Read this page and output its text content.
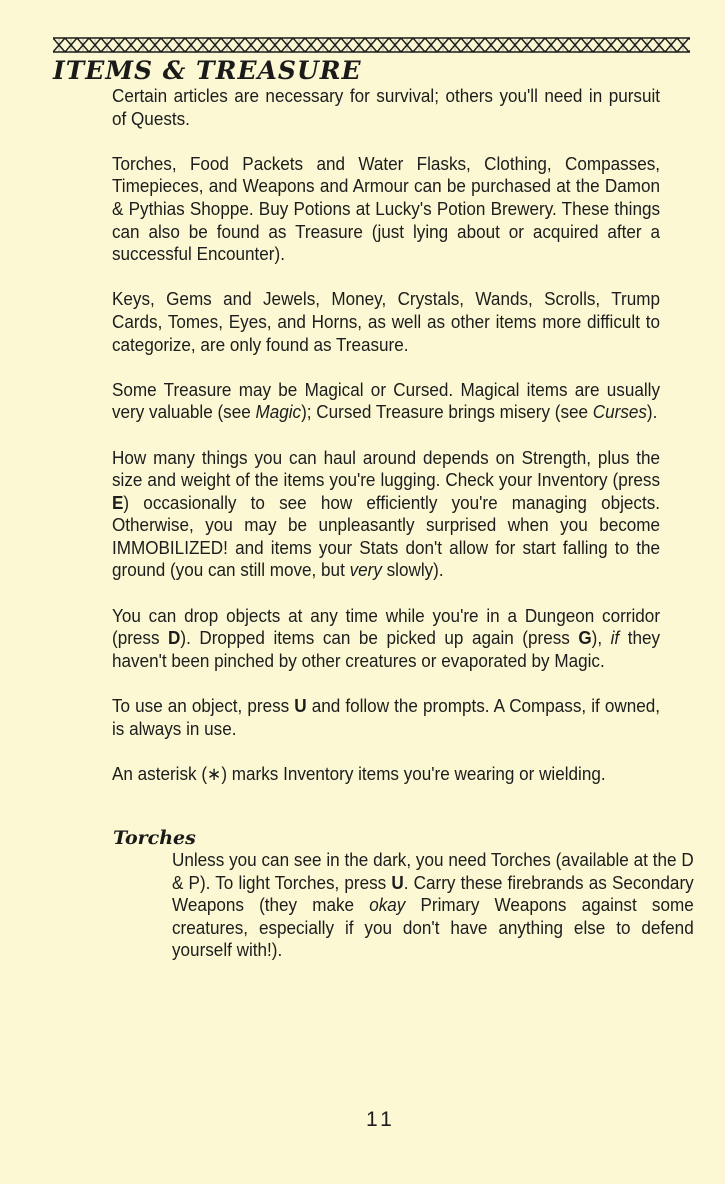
ITEMS & TREASURE

Certain articles are necessary for survival; others you'll need in pursuit of Quests.

Torches, Food Packets and Water Flasks, Clothing, Compasses, Timepieces, and Weapons and Armour can be purchased at the Damon & Pythias Shoppe. Buy Potions at Lucky's Potion Brewery. These things can also be found as Treasure (just lying about or acquired after a successful Encounter).

Keys, Gems and Jewels, Money, Crystals, Wands, Scrolls, Trump Cards, Tomes, Eyes, and Horns, as well as other items more difficult to categorize, are only found as Treasure.

Some Treasure may be Magical or Cursed. Magical items are usually very valuable (see Magic); Cursed Treasure brings misery (see Curses).

How many things you can haul around depends on Strength, plus the size and weight of the items you're lugging. Check your Inventory (press E) occasionally to see how efficiently you're managing objects. Otherwise, you may be unpleasantly surprised when you become IMMOBILIZED! and items your Stats don't allow for start falling to the ground (you can still move, but very slowly).

You can drop objects at any time while you're in a Dungeon corridor (press D). Dropped items can be picked up again (press G), if they haven't been pinched by other creatures or evaporated by Magic.

To use an object, press U and follow the prompts. A Compass, if owned, is always in use.

An asterisk (∗) marks Inventory items you're wearing or wielding.

Torches

Unless you can see in the dark, you need Torches (available at the D & P). To light Torches, press U. Carry these firebrands as Secondary Weapons (they make okay Primary Weapons against some creatures, especially if you don't have anything else to defend yourself with!).

11
